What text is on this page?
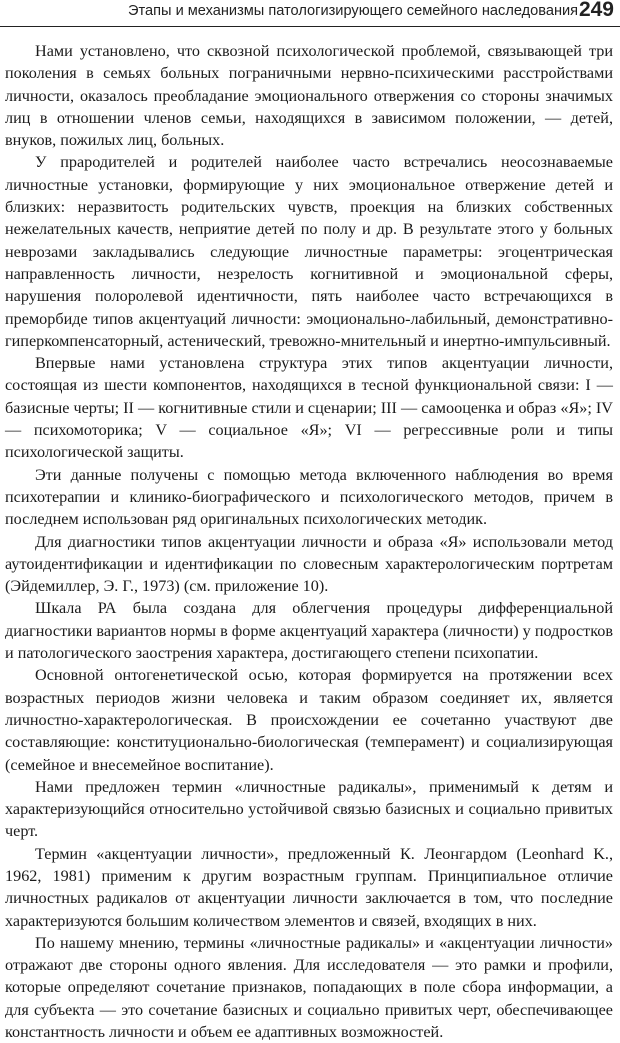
Этапы и механизмы патологизирующего семейного наследования 249

Нами установлено, что сквозной психологической проблемой, связывающей три поколения в семьях больных пограничными нервно-психическими расстройствами личности, оказалось преобладание эмоционального отвержения со стороны значимых лиц в отношении членов семьи, находящихся в зависимом положении, — детей, внуков, пожилых лиц, больных.

У прародителей и родителей наиболее часто встречались неосознаваемые личностные установки, формирующие у них эмоциональное отвержение детей и близких: неразвитость родительских чувств, проекция на близких собственных нежелательных качеств, неприятие детей по полу и др. В результате этого у больных неврозами закладывались следующие личностные параметры: эгоцентрическая направленность личности, незрелость когнитивной и эмоциональной сферы, нарушения полоролевой идентичности, пять наиболее часто встречающихся в преморбиде типов акцентуаций личности: эмоционально-лабильный, демонстративно-гиперкомпенсаторный, астенический, тревожно-мнительный и инертно-импульсивный.

Впервые нами установлена структура этих типов акцентуации личности, состоящая из шести компонентов, находящихся в тесной функциональной связи: I — базисные черты; II — когнитивные стили и сценарии; III — самооценка и образ «Я»; IV — психомоторика; V — социальное «Я»; VI — регрессивные роли и типы психологической защиты.

Эти данные получены с помощью метода включенного наблюдения во время психотерапии и клинико-биографического и психологического методов, причем в последнем использован ряд оригинальных психологических методик.

Для диагностики типов акцентуации личности и образа «Я» использовали метод аутоидентификации и идентификации по словесным характерологическим портретам (Эйдемиллер, Э. Г., 1973) (см. приложение 10).

Шкала РА была создана для облегчения процедуры дифференциальной диагностики вариантов нормы в форме акцентуаций характера (личности) у подростков и патологического заострения характера, достигающего степени психопатии.

Основной онтогенетической осью, которая формируется на протяжении всех возрастных периодов жизни человека и таким образом соединяет их, является личностно-характерологическая. В происхождении ее сочетанно участвуют две составляющие: конституционально-биологическая (темперамент) и социализирующая (семейное и внесемейное воспитание).

Нами предложен термин «личностные радикалы», применимый к детям и характеризующийся относительно устойчивой связью базисных и социально привитых черт.

Термин «акцентуации личности», предложенный К. Леонгардом (Leonhard K., 1962, 1981) применим к другим возрастным группам. Принципиальное отличие личностных радикалов от акцентуации личности заключается в том, что последние характеризуются большим количеством элементов и связей, входящих в них.

По нашему мнению, термины «личностные радикалы» и «акцентуации личности» отражают две стороны одного явления. Для исследователя — это рамки и профили, которые определяют сочетание признаков, попадающих в поле сбора информации, а для субъекта — это сочетание базисных и социально привитых черт, обеспечивающее константность личности и объем ее адаптивных возможностей.
